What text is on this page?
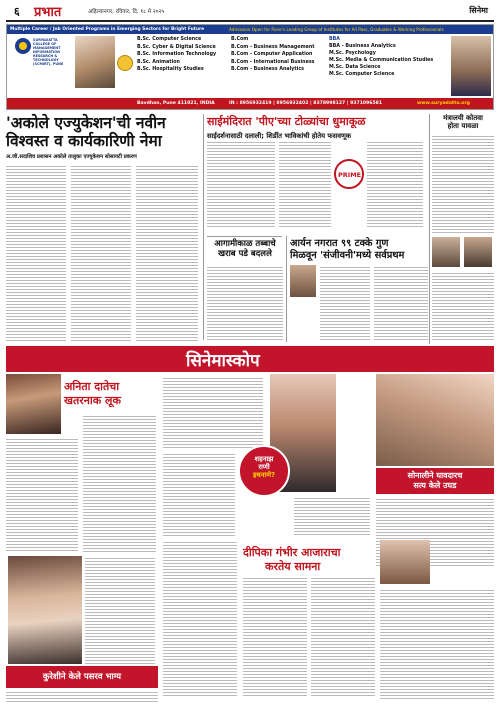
६ प्रभात	अहिल्यानगर, रविवार, दि. १८ मे २०२५	सिनेमा
Multiple Career / Job Oriented Programs in Emerging Sectors for Bright Future	Admission Open for Pune's Leading Group of Institutes for All Pass, Graduates & Working Professionals
SURYADATTA COLLEGE OF MANAGEMENT INFORMATION RESEARCH & TECHNOLOGY (SCMIRT), PUNE
B.Sc. Computer Science
B.Sc. Cyber & Digital Science
B.Sc. Information Technology
B.Sc. Animation
B.Sc. Hospitality Studies
B.Com
B.Com - Business Management
B.Com - Computer Application
B.Com - International Business
B.Com - Business Analytics
BBA
BBA - Business Analytics
M.Sc. Psychology
M.Sc. Media & Communication Studies
M.Sc. Data Science
M.Sc. Computer Science
Bavdhan, Pune 411021, INDIA	IN : 8956932419 | 8956932402 | 8378998127 | 9371096581	www.suryadatta.org
'अकोले एज्युकेशन'ची नवीन
विश्वस्त व कार्यकारिणी नेमा
अ.जी.सदाशिव प्रशासन अकोले तालुका एज्युकेशन सोसायटी प्रकरण
साईमंदिरात 'पीए'च्या टोळ्यांचा धुमाकूळ
साईदर्शनासाठी दलाली; शिर्डीत भाविकांची होतेय फसवणूक
PRIME
आगामीकाळ तब्बाचे
खराब पडे बदलले
आर्यन नगरात ९९ टक्के गुण
मिळवून 'संजीवनी'मध्ये सर्वप्रथम
मंत्रालयी कोतवा
होता यावळा
सिनेमास्कोप
अनिता दातेचा
खतरनाक लूक
शहनाझ
राणी
इथनाणे?	सोनालीने घावदारच
सत्य केले उघड
दीपिका गंभीर आजाराचा
करतेय सामना
कुरेशीने केले पसरव भाग्य
